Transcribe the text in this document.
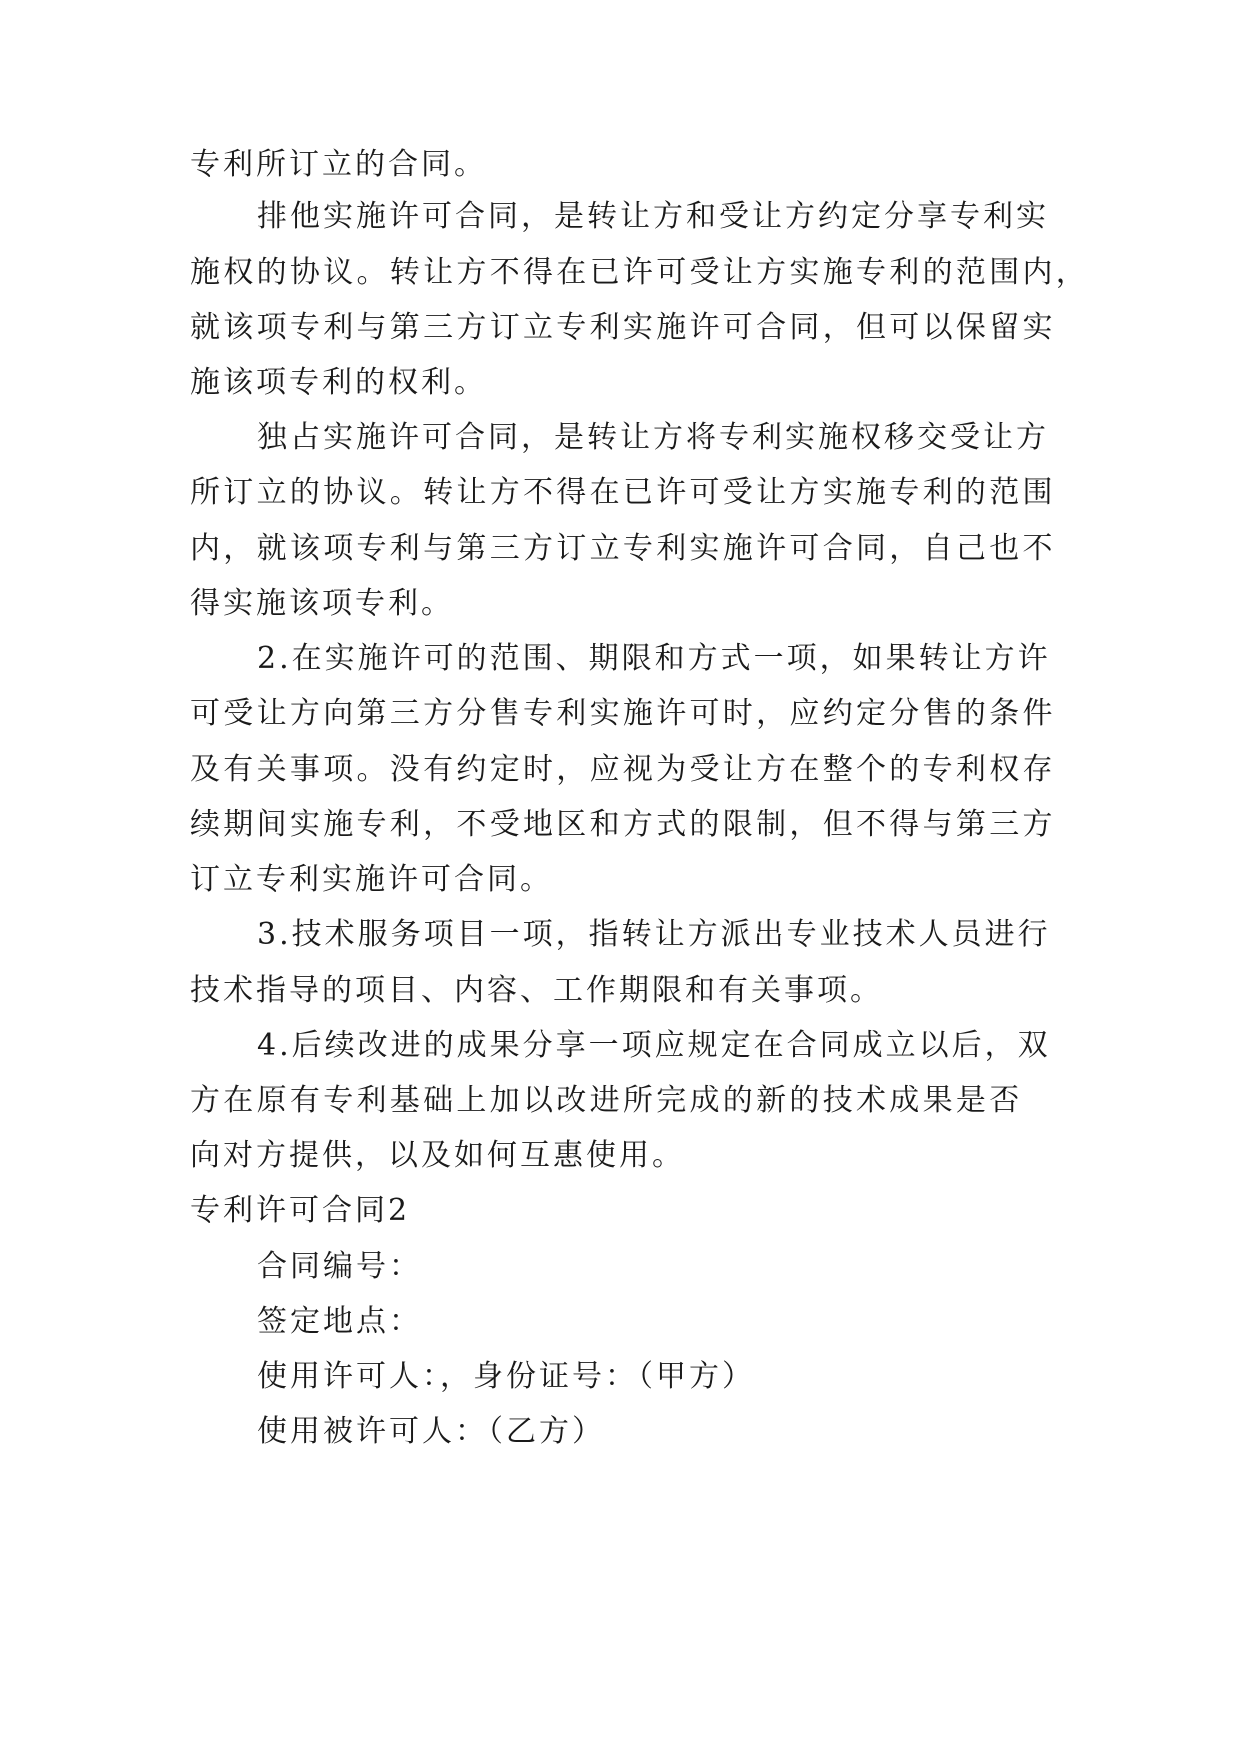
专利所订立的合同。
排他实施许可合同，是转让方和受让方约定分享专利实
施权的协议。转让方不得在已许可受让方实施专利的范围内，
就该项专利与第三方订立专利实施许可合同，但可以保留实
施该项专利的权利。
独占实施许可合同，是转让方将专利实施权移交受让方
所订立的协议。转让方不得在已许可受让方实施专利的范围
内，就该项专利与第三方订立专利实施许可合同，自己也不
得实施该项专利。
2.在实施许可的范围、期限和方式一项，如果转让方许
可受让方向第三方分售专利实施许可时，应约定分售的条件
及有关事项。没有约定时，应视为受让方在整个的专利权存
续期间实施专利，不受地区和方式的限制，但不得与第三方
订立专利实施许可合同。
3.技术服务项目一项，指转让方派出专业技术人员进行
技术指导的项目、内容、工作期限和有关事项。
4.后续改进的成果分享一项应规定在合同成立以后，双
方在原有专利基础上加以改进所完成的新的技术成果是否
向对方提供，以及如何互惠使用。
专利许可合同2
合同编号：
签定地点：
使用许可人：，身份证号：（甲方）
使用被许可人：（乙方）
